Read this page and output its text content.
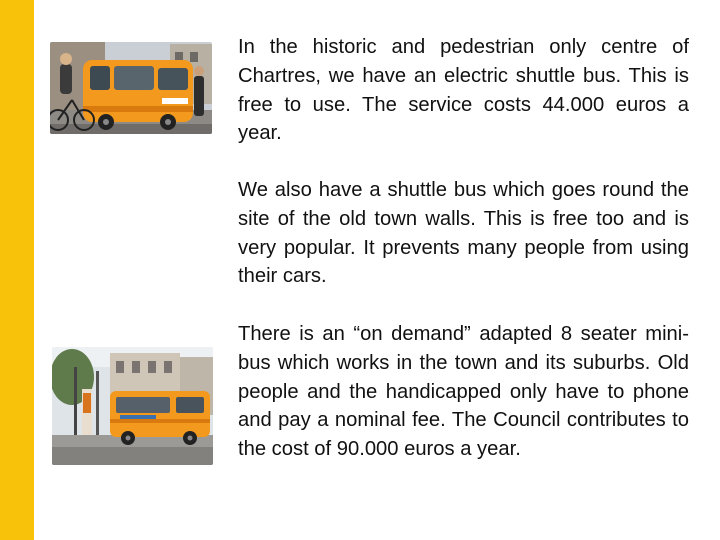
In the historic and pedestrian only centre of Chartres, we have an electric shuttle bus. This is free to use. The service costs 44.000 euros a year.

We also have a shuttle bus which goes round the site of the old town walls. This is free too and is very popular. It prevents many people from using their cars.

There is an “on demand” adapted 8 seater mini-bus which works in the town and its suburbs. Old people and the handicapped only have to phone and pay a nominal fee. The Council contributes to the cost of 90.000 euros a year.
